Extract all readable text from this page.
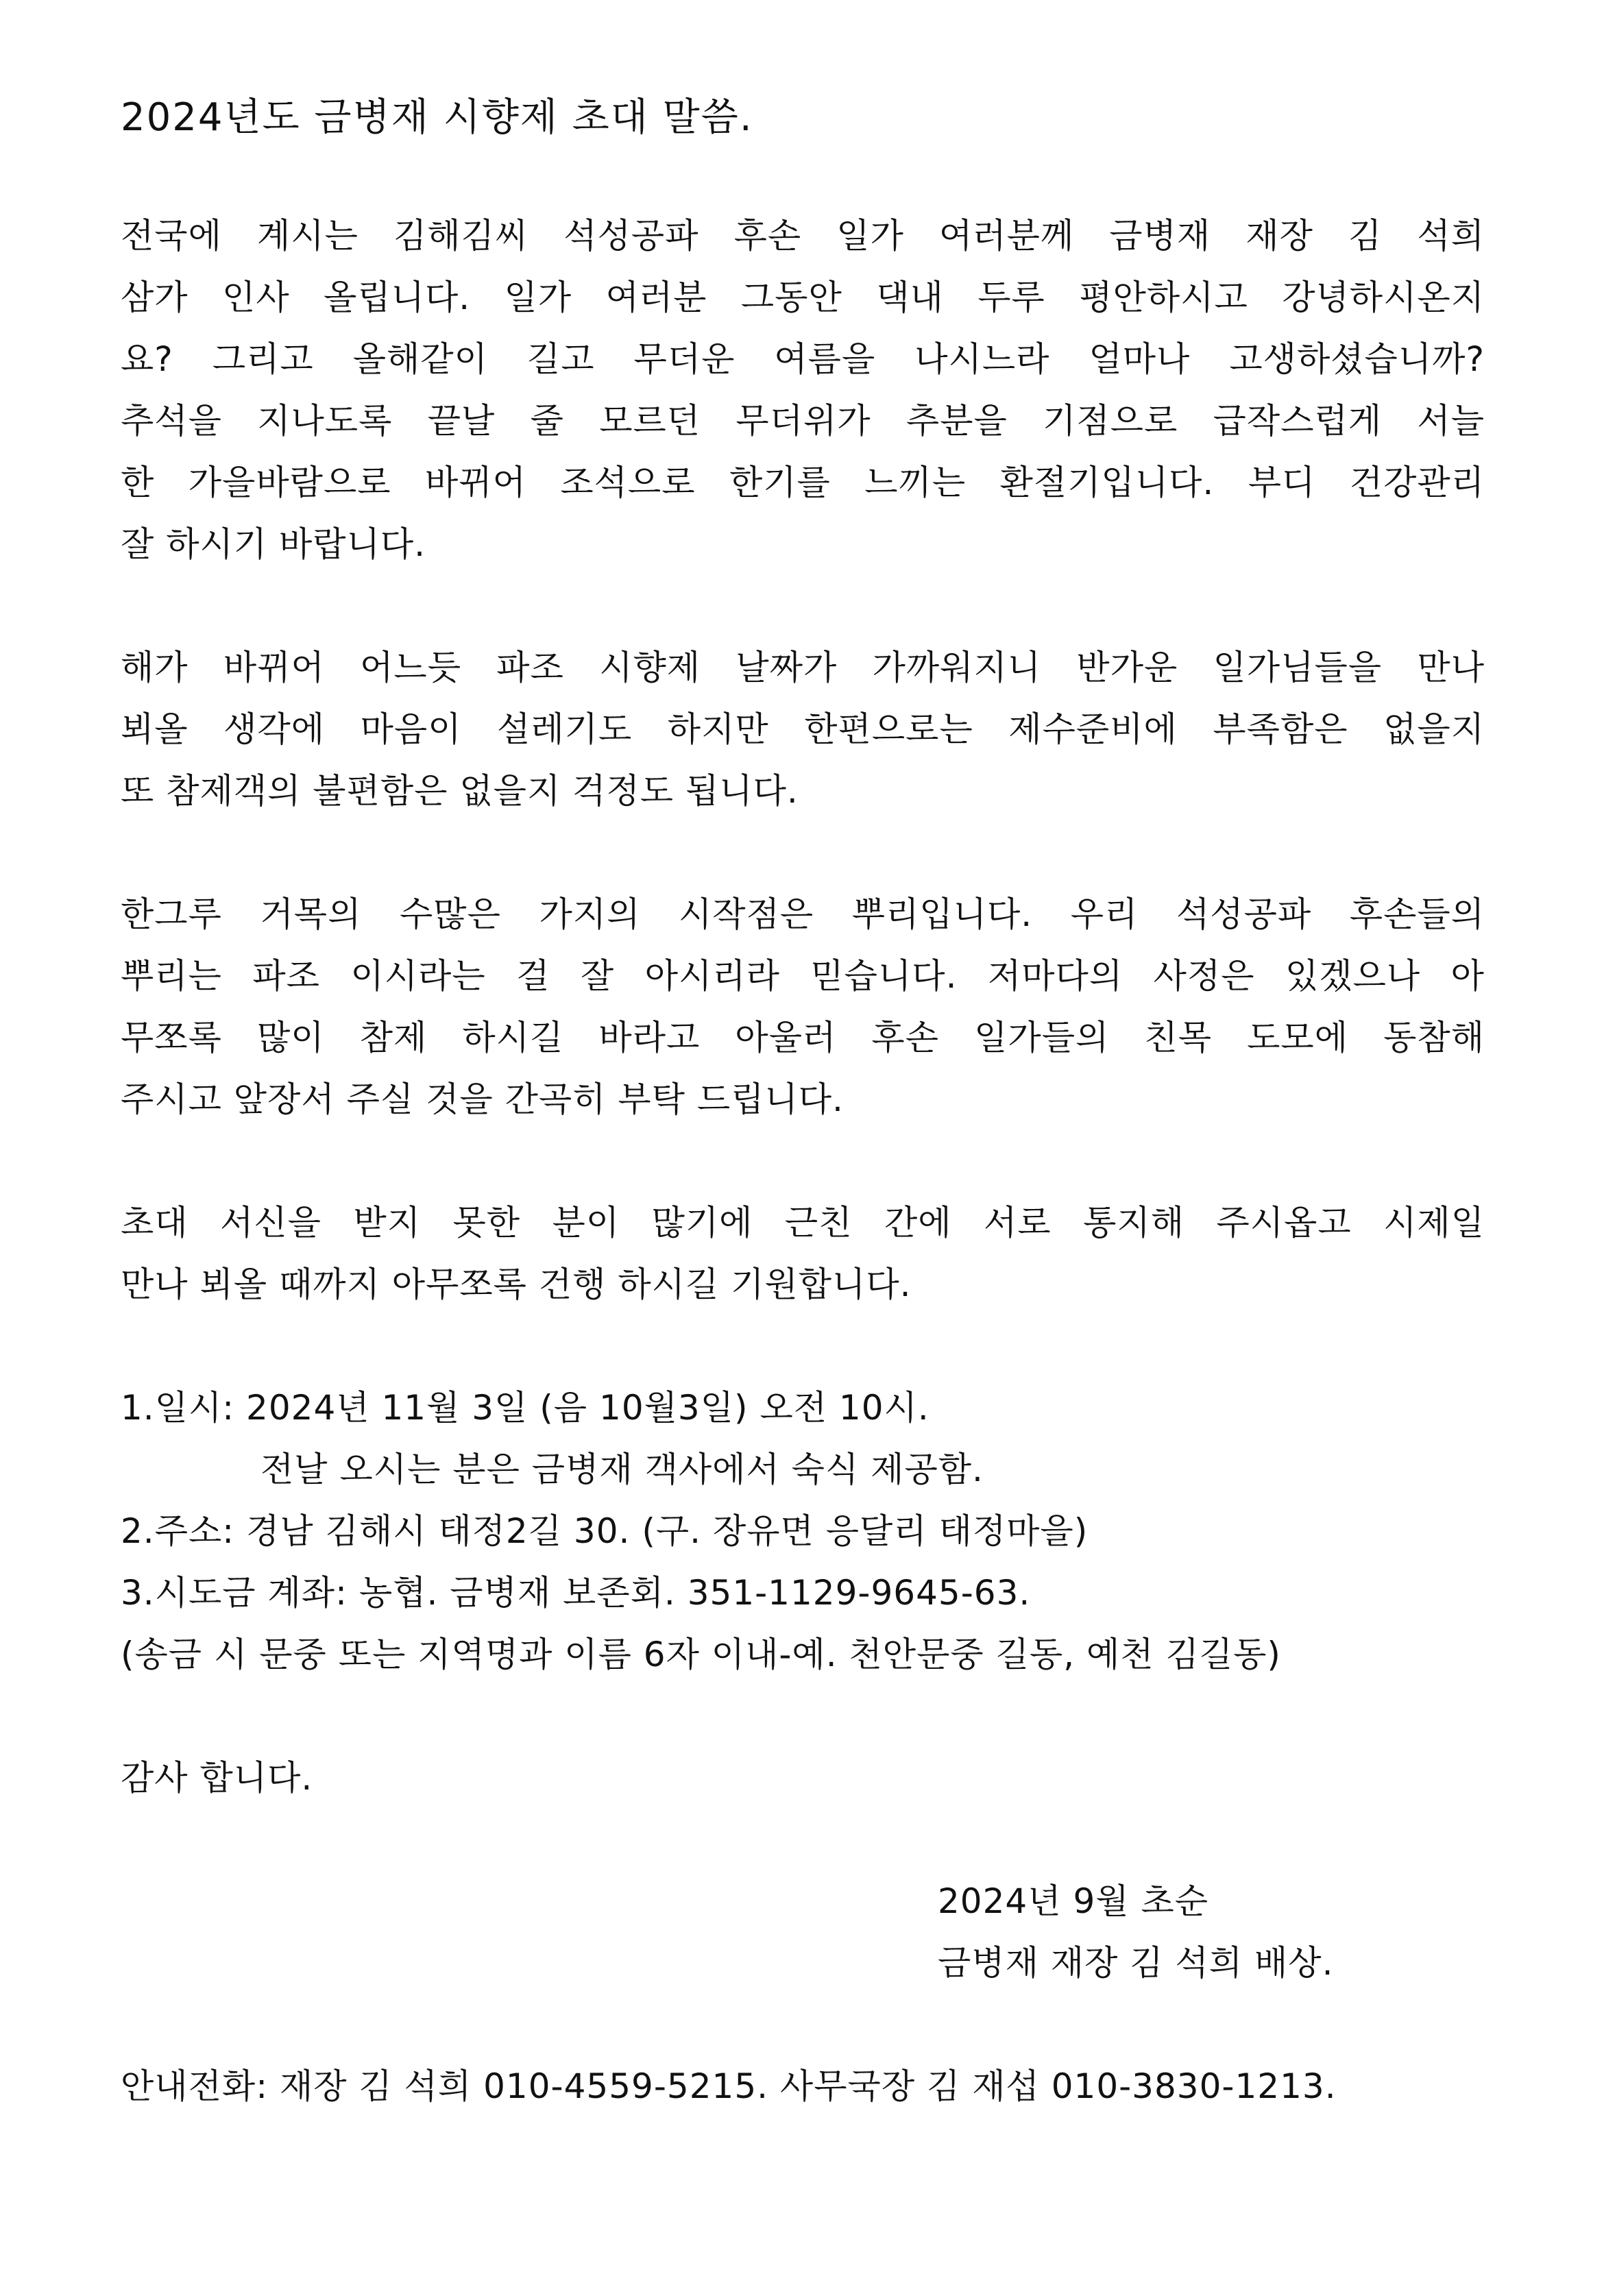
2024년도 금병재 시향제 초대 말씀.
전국에 계시는 김해김씨 석성공파 후손 일가 여러분께 금병재 재장 김 석희
삼가 인사 올립니다. 일가 여러분 그동안 댁내 두루 평안하시고 강녕하시온지
요? 그리고 올해같이 길고 무더운 여름을 나시느라 얼마나 고생하셨습니까?
추석을 지나도록 끝날 줄 모르던 무더위가 추분을 기점으로 급작스럽게 서늘
한 가을바람으로 바뀌어 조석으로 한기를 느끼는 환절기입니다. 부디 건강관리
잘 하시기 바랍니다.
해가 바뀌어 어느듯 파조 시향제 날짜가 가까워지니 반가운 일가님들을 만나
뵈올 생각에 마음이 설레기도 하지만 한편으로는 제수준비에 부족함은 없을지
또 참제객의 불편함은 없을지 걱정도 됩니다.
한그루 거목의 수많은 가지의 시작점은 뿌리입니다. 우리 석성공파 후손들의
뿌리는 파조 이시라는 걸 잘 아시리라 믿습니다. 저마다의 사정은 있겠으나 아
무쪼록 많이 참제 하시길 바라고 아울러 후손 일가들의 친목 도모에 동참해
주시고 앞장서 주실 것을 간곡히 부탁 드립니다.
초대 서신을 받지 못한 분이 많기에 근친 간에 서로 통지해 주시옵고 시제일
만나 뵈올 때까지 아무쪼록 건행 하시길 기원합니다.
1.일시: 2024년 11월 3일 (음 10월3일) 오전 10시.
전날 오시는 분은 금병재 객사에서 숙식 제공함.
2.주소: 경남 김해시 태정2길 30. (구. 장유면 응달리 태정마을)
3.시도금 계좌: 농협. 금병재 보존회. 351-1129-9645-63.
(송금 시 문중 또는 지역명과 이름 6자 이내-예. 천안문중 길동, 예천 김길동)
감사 합니다.
2024년 9월 초순
금병재 재장 김 석희 배상.
안내전화: 재장 김 석희 010-4559-5215. 사무국장 김 재섭 010-3830-1213.
